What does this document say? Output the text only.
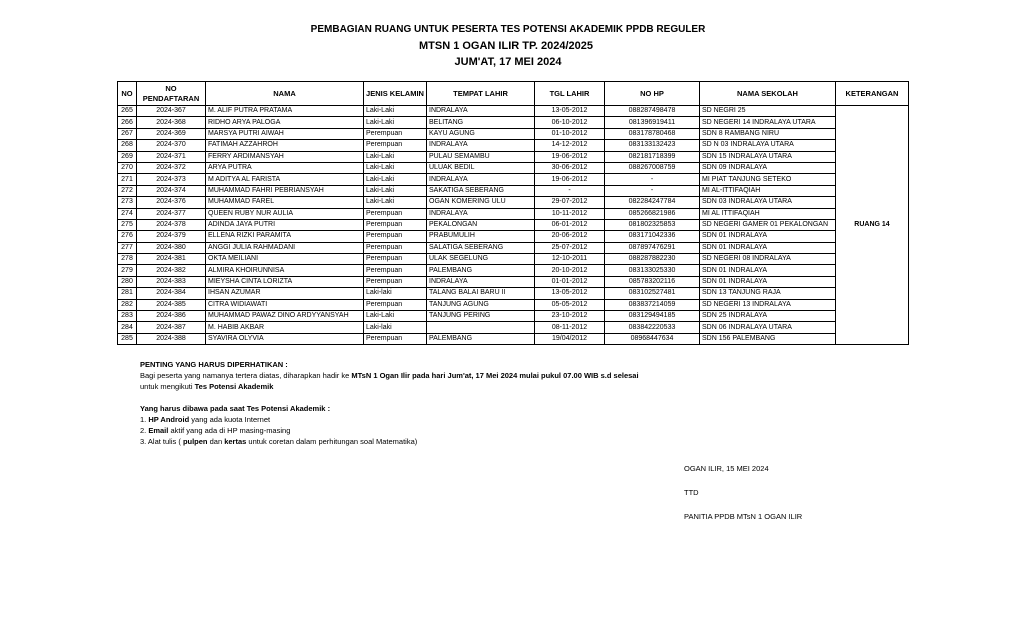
PEMBAGIAN RUANG UNTUK PESERTA TES POTENSI AKADEMIK PPDB REGULER
MTSN 1 OGAN ILIR TP. 2024/2025
JUM'AT, 17 MEI 2024
NO	NO PENDAFTARAN	NAMA	JENIS KELAMIN	TEMPAT LAHIR	TGL LAHIR	NO HP	NAMA SEKOLAH	KETERANGAN
265	2024-367	M. ALIF PUTRA PRATAMA	Laki-Laki	INDRALAYA	13-05-2012	088287498478	SD NEGRI 25	RUANG 14
266	2024-368	RIDHO ARYA PALOGA	Laki-Laki	BELITANG	06-10-2012	081396919411	SD NEGERI 14 INDRALAYA UTARA	
267	2024-369	MARSYA PUTRI AIWAH	Perempuan	KAYU AGUNG	01-10-2012	083178780468	SDN 8 RAMBANG NIRU	
268	2024-370	FATIMAH AZZAHROH	Perempuan	INDRALAYA	14-12-2012	083133132423	SD N 03 INDRALAYA UTARA	
269	2024-371	FERRY ARDIMANSYAH	Laki-Laki	PULAU SEMAMBU	19-06-2012	082181718399	SDN 15 INDRALAYA UTARA	
270	2024-372	ARYA PUTRA	Laki-Laki	ULUAK BEDIL	30-06-2012	088267008759	SDN 09 INDRALAYA	
271	2024-373	M ADITYA AL FARISTA	Laki-Laki	INDRALAYA	19-06-2012	-	MI PIAT TANJUNG SETEKO	
272	2024-374	MUHAMMAD FAHRI PEBRIANSYAH	Laki-Laki	SAKATIGA SEBERANG	-	-	MI AL-ITTIFAQIAH	
273	2024-376	MUHAMMAD FAREL	Laki-Laki	OGAN KOMERING ULU	29-07-2012	082284247784	SDN 03 INDRALAYA UTARA	
274	2024-377	QUEEN RUBY NUR AULIA	Perempuan	INDRALAYA	10-11-2012	085266821986	MI AL ITTIFAQIAH	
275	2024-378	ADINDA JAYA PUTRI	Perempuan	PEKALONGAN	06-01-2012	081802325853	SD NEGERI GAMER 01 PEKALONGAN	
276	2024-379	ELLENA RIZKI PARAMITA	Perempuan	PRABUMULIH	20-06-2012	083171042336	SDN 01 INDRALAYA	
277	2024-380	ANGGI JULIA RAHMADANI	Perempuan	SALATIGA SEBERANG	25-07-2012	087897476291	SDN 01 INDRALAYA	
278	2024-381	OKTA MEILIANI	Perempuan	ULAK SEGELUNG	12-10-2011	088287882230	SD NEGERI 08 INDRALAYA	
279	2024-382	ALMIRA KHOIRUNNISA	Perempuan	PALEMBANG	20-10-2012	083133025330	SDN 01 INDRALAYA	
280	2024-383	MIEYSHA CINTA LORIZTA	Perempuan	INDRALAYA	01-01-2012	085783202116	SDN 01 INDRALAYA	
281	2024-384	IHSAN AZUMAR	Laki-laki	TALANG BALAI BARU II	13-05-2012	083102527481	SDN 13 TANJUNG RAJA	
282	2024-385	CITRA WIDIAWATI	Perempuan	TANJUNG AGUNG	05-05-2012	083837214059	SD NEGERI 13 INDRALAYA	
283	2024-386	MUHAMMAD PAWAZ DINO ARDYYANSYAH	Laki-Laki	TANJUNG PERING	23-10-2012	083129494185	SDN 25 INDRALAYA	
284	2024-387	M. HABIB AKBAR	Laki-laki		08-11-2012	083842220533	SDN 06 INDRALAYA UTARA	
285	2024-388	SYAVIRA OLYVIA	Perempuan	PALEMBANG	19/04/2012	08968447634	SDN 156 PALEMBANG	
PENTING YANG HARUS DIPERHATIKAN :
Bagi peserta yang namanya tertera diatas, diharapkan hadir ke MTsN 1 Ogan Ilir pada hari Jum'at, 17 Mei 2024 mulai pukul 07.00 WIB s.d selesai
untuk mengikuti Tes Potensi Akademik
Yang harus dibawa pada saat Tes Potensi Akademik :
1. HP Android yang ada kuota Internet
2. Email aktif yang ada di HP masing-masing
3. Alat tulis ( pulpen dan kertas untuk coretan dalam perhitungan soal Matematika)
OGAN ILIR, 15 MEI 2024
TTD
PANITIA PPDB MTsN 1 OGAN ILIR
